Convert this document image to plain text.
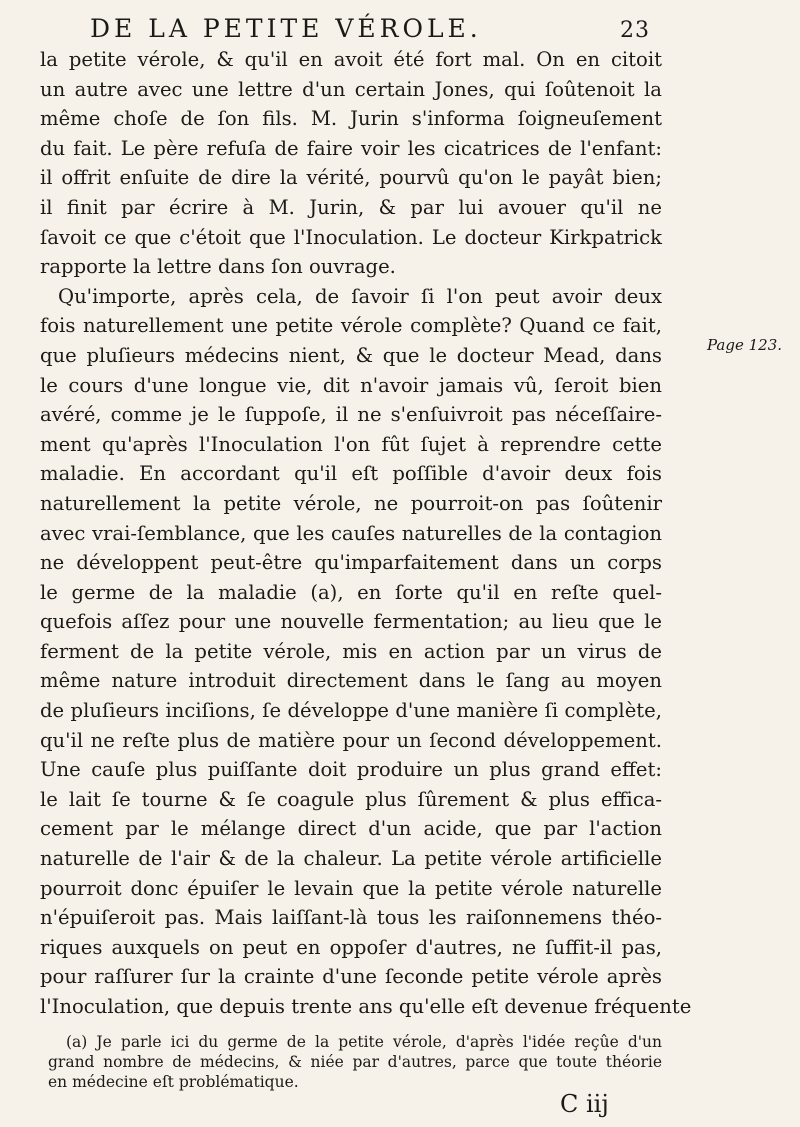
DE LA PETITE VÉROLE.	23
la petite vérole, & qu'il en avoit été fort mal. On en citoit
un autre avec une lettre d'un certain Jones, qui ſoûtenoit la
même choſe de ſon fils. M. Jurin s'informa ſoigneuſement
du fait. Le père refuſa de faire voir les cicatrices de l'enfant:
il offrit enſuite de dire la vérité, pourvû qu'on le payât bien;
il finit par écrire à M. Jurin, & par lui avouer qu'il ne
ſavoit ce que c'étoit que l'Inoculation. Le docteur Kirkpatrick
rapporte la lettre dans ſon ouvrage.
Qu'importe, après cela, de ſavoir ſi l'on peut avoir deux
fois naturellement une petite vérole complète? Quand ce fait,
que pluſieurs médecins nient, & que le docteur Mead, dans
le cours d'une longue vie, dit n'avoir jamais vû, ſeroit bien
avéré, comme je le ſuppoſe, il ne s'enſuivroit pas néceſſaire-
ment qu'après l'Inoculation l'on fût ſujet à reprendre cette
maladie. En accordant qu'il eſt poſſible d'avoir deux fois
naturellement la petite vérole, ne pourroit-on pas ſoûtenir
avec vrai-ſemblance, que les cauſes naturelles de la contagion
ne développent peut-être qu'imparfaitement dans un corps
le germe de la maladie (a), en ſorte qu'il en reſte quel-
quefois aſſez pour une nouvelle fermentation; au lieu que le
ferment de la petite vérole, mis en action par un virus de
même nature introduit directement dans le ſang au moyen
de pluſieurs inciſions, ſe développe d'une manière ſi complète,
qu'il ne reſte plus de matière pour un ſecond développement.
Une cauſe plus puiſſante doit produire un plus grand effet:
le lait ſe tourne & ſe coagule plus ſûrement & plus effica-
cement par le mélange direct d'un acide, que par l'action
naturelle de l'air & de la chaleur. La petite vérole artificielle
pourroit donc épuiſer le levain que la petite vérole naturelle
n'épuiſeroit pas. Mais laiſſant-là tous les raiſonnemens théo-
riques auxquels on peut en oppoſer d'autres, ne ſuffit-il pas,
pour raſſurer ſur la crainte d'une ſeconde petite vérole après
l'Inoculation, que depuis trente ans qu'elle eſt devenue fréquente
Page 123.
(a) Je parle ici du germe de la petite vérole, d'après l'idée reçûe d'un
grand nombre de médecins, & niée par d'autres, parce que toute théorie
en médecine eſt problématique.
C iij
